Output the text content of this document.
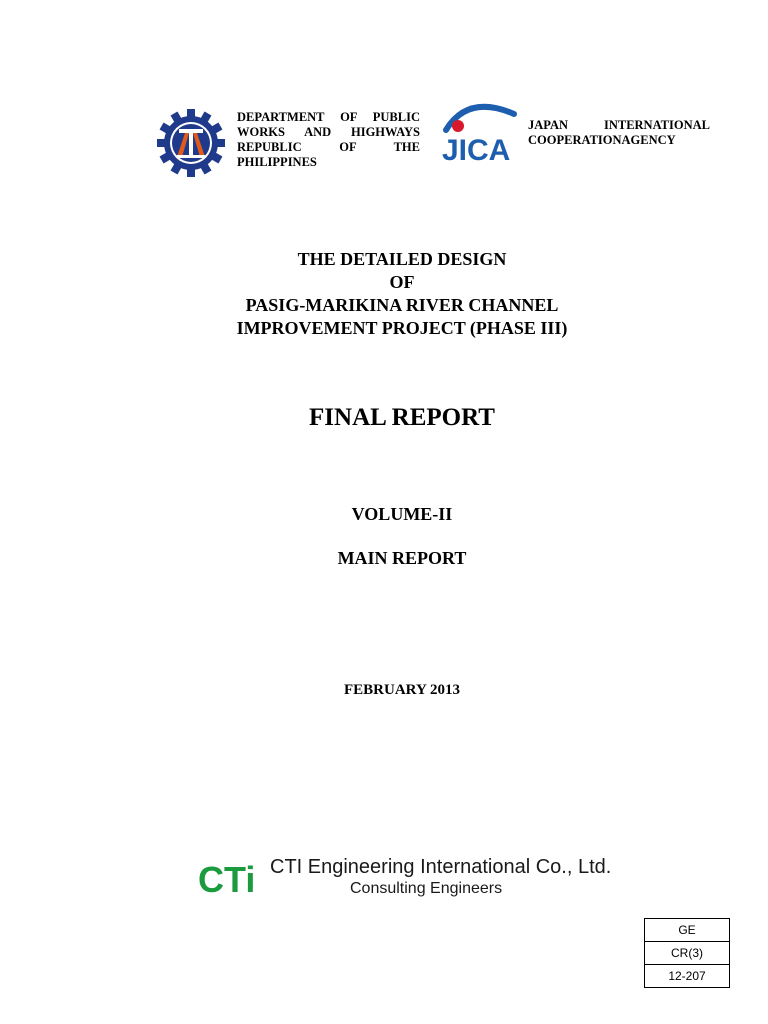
DEPARTMENT OF PUBLIC
WORKS AND HIGHWAYS
REPUBLIC OF THE
PHILIPPINES	JICA
JAPAN INTERNATIONAL
COOPERATIONAGENCY
THE DETAILED DESIGN
OF
PASIG-MARIKINA RIVER CHANNEL
IMPROVEMENT PROJECT (PHASE III)
FINAL REPORT
VOLUME-II
MAIN REPORT
FEBRUARY 2013
CTi CTI Engineering International Co., Ltd.
Consulting Engineers
GE
CR(3)
12-207
